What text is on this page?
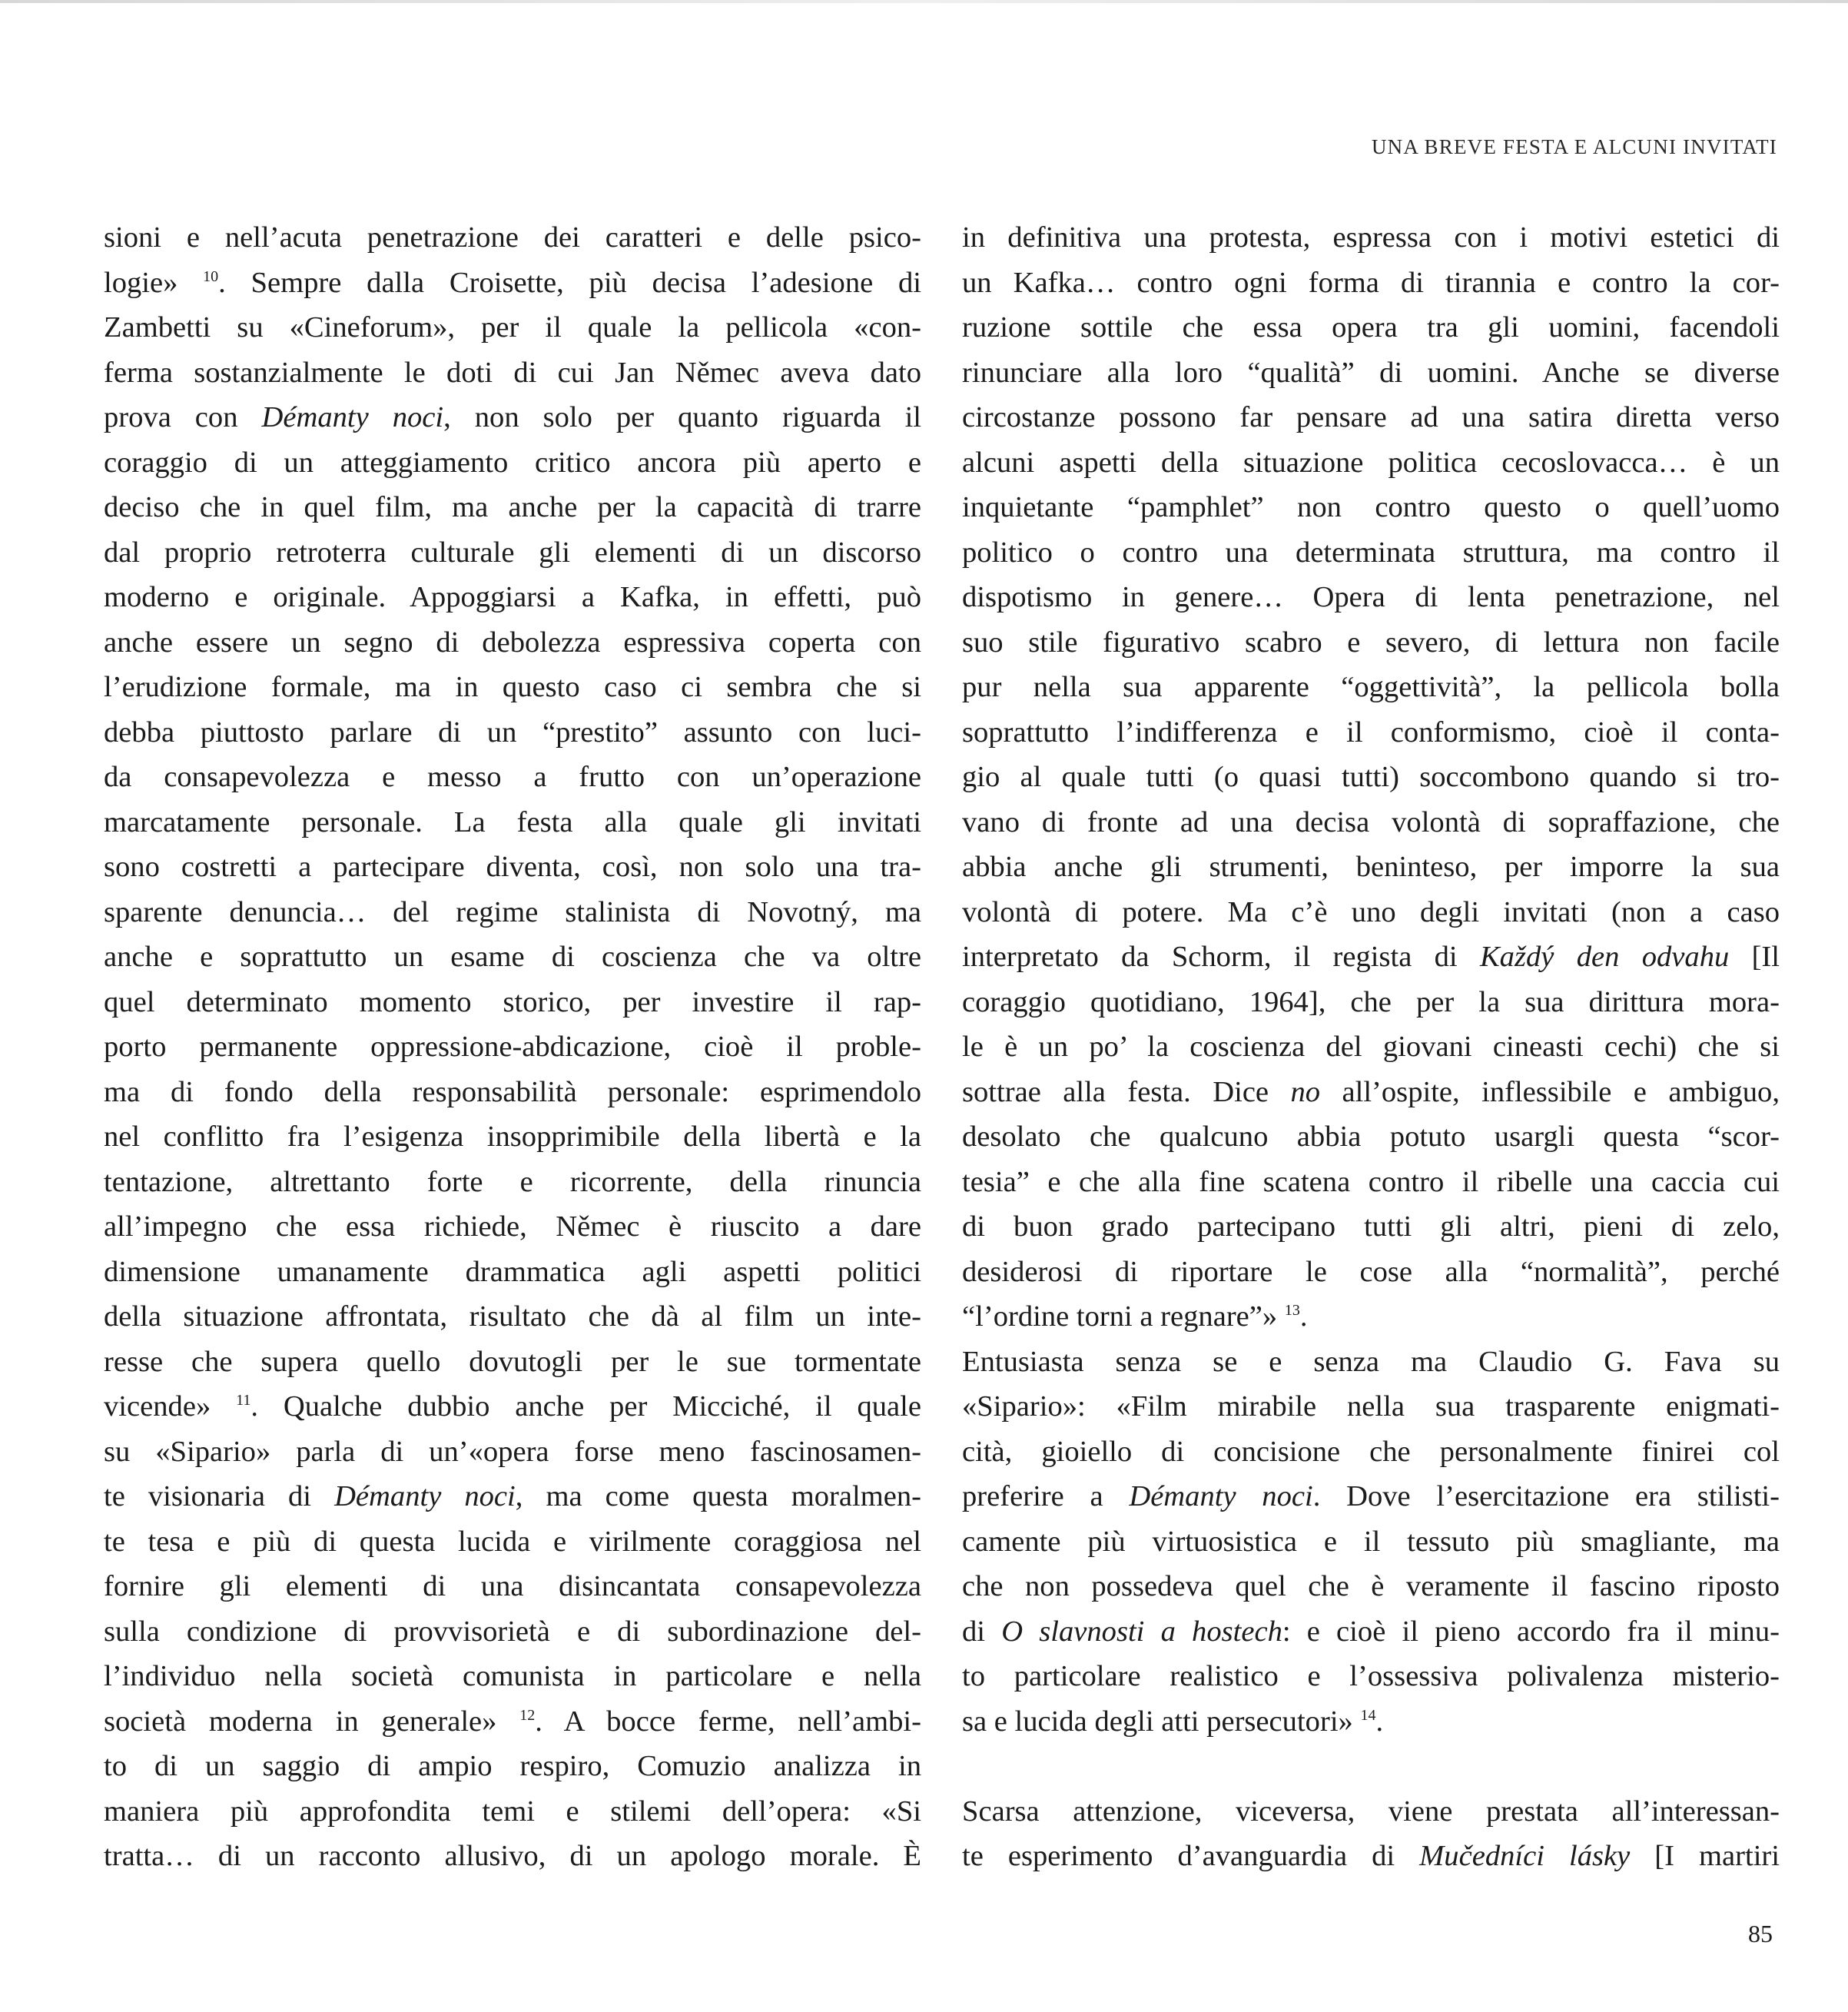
UNA BREVE FESTA E ALCUNI INVITATI
sioni e nell’acuta penetrazione dei caratteri e delle psico-
logie» $^{10}$. Sempre dalla Croisette, più decisa l’adesione di
Zambetti su «Cineforum», per il quale la pellicola «con-
ferma sostanzialmente le doti di cui Jan Němec aveva dato
prova con Démanty noci, non solo per quanto riguarda il
coraggio di un atteggiamento critico ancora più aperto e
deciso che in quel film, ma anche per la capacità di trarre
dal proprio retroterra culturale gli elementi di un discorso
moderno e originale. Appoggiarsi a Kafka, in effetti, può
anche essere un segno di debolezza espressiva coperta con
l’erudizione formale, ma in questo caso ci sembra che si
debba piuttosto parlare di un “prestito” assunto con luci-
da consapevolezza e messo a frutto con un’operazione
marcatamente personale. La festa alla quale gli invitati
sono costretti a partecipare diventa, così, non solo una tra-
sparente denuncia… del regime stalinista di Novotný, ma
anche e soprattutto un esame di coscienza che va oltre
quel determinato momento storico, per investire il rap-
porto permanente oppressione-abdicazione, cioè il proble-
ma di fondo della responsabilità personale: esprimendolo
nel conflitto fra l’esigenza insopprimibile della libertà e la
tentazione, altrettanto forte e ricorrente, della rinuncia
all’impegno che essa richiede, Němec è riuscito a dare
dimensione umanamente drammatica agli aspetti politici
della situazione affrontata, risultato che dà al film un inte-
resse che supera quello dovutogli per le sue tormentate
vicende» $^{11}$. Qualche dubbio anche per Micciché, il quale
su «Sipario» parla di un’«opera forse meno fascinosamen-
te visionaria di Démanty noci, ma come questa moralmen-
te tesa e più di questa lucida e virilmente coraggiosa nel
fornire gli elementi di una disincantata consapevolezza
sulla condizione di provvisorietà e di subordinazione del-
l’individuo nella società comunista in particolare e nella
società moderna in generale» $^{12}$. A bocce ferme, nell’ambi-
to di un saggio di ampio respiro, Comuzio analizza in
maniera più approfondita temi e stilemi dell’opera: «Si
tratta… di un racconto allusivo, di un apologo morale. È
in definitiva una protesta, espressa con i motivi estetici di
un Kafka… contro ogni forma di tirannia e contro la cor-
ruzione sottile che essa opera tra gli uomini, facendoli
rinunciare alla loro “qualità” di uomini. Anche se diverse
circostanze possono far pensare ad una satira diretta verso
alcuni aspetti della situazione politica cecoslovacca… è un
inquietante “pamphlet” non contro questo o quell’uomo
politico o contro una determinata struttura, ma contro il
dispotismo in genere… Opera di lenta penetrazione, nel
suo stile figurativo scabro e severo, di lettura non facile
pur nella sua apparente “oggettività”, la pellicola bolla
soprattutto l’indifferenza e il conformismo, cioè il conta-
gio al quale tutti (o quasi tutti) soccombono quando si tro-
vano di fronte ad una decisa volontà di sopraffazione, che
abbia anche gli strumenti, beninteso, per imporre la sua
volontà di potere. Ma c’è uno degli invitati (non a caso
interpretato da Schorm, il regista di Každý den odvahu [Il
coraggio quotidiano, 1964], che per la sua dirittura mora-
le è un po’ la coscienza del giovani cineasti cechi) che si
sottrae alla festa. Dice no all’ospite, inflessibile e ambiguo,
desolato che qualcuno abbia potuto usargli questa “scor-
tesia” e che alla fine scatena contro il ribelle una caccia cui
di buon grado partecipano tutti gli altri, pieni di zelo,
desiderosi di riportare le cose alla “normalità”, perché
“l’ordine torni a regnare”» $^{13}$.
Entusiasta senza se e senza ma Claudio G. Fava su
«Sipario»: «Film mirabile nella sua trasparente enigmati-
cità, gioiello di concisione che personalmente finirei col
preferire a Démanty noci. Dove l’esercitazione era stilisti-
camente più virtuosistica e il tessuto più smagliante, ma
che non possedeva quel che è veramente il fascino riposto
di O slavnosti a hostech: e cioè il pieno accordo fra il minu-
to particolare realistico e l’ossessiva polivalenza misterio-
sa e lucida degli atti persecutori» $^{14}$.
Scarsa attenzione, viceversa, viene prestata all’interessan-
te esperimento d’avanguardia di Mučedníci lásky [I martiri
85
